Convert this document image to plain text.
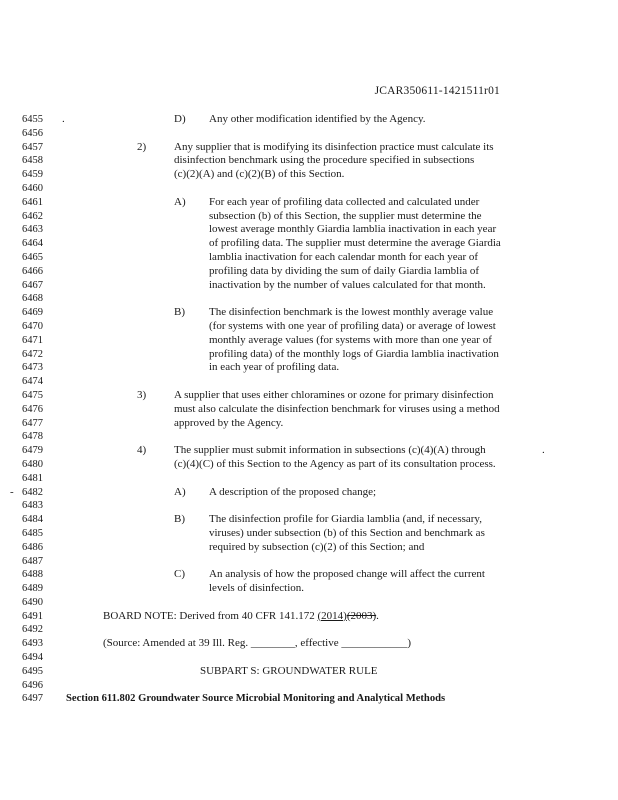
JCAR350611-1421511r01
6455	.	D) Any other modification identified by the Agency.
6456
6457	2)	Any supplier that is modifying its disinfection practice must calculate its
6458	disinfection benchmark using the procedure specified in subsections
6459	(c)(2)(A) and (c)(2)(B) of this Section.
6460
6461	A) For each year of profiling data collected and calculated under
6462	subsection (b) of this Section, the supplier must determine the
6463	lowest average monthly Giardia lamblia inactivation in each year
6464	of profiling data. The supplier must determine the average Giardia
6465	lamblia inactivation for each calendar month for each year of
6466	profiling data by dividing the sum of daily Giardia lamblia of
6467	inactivation by the number of values calculated for that month.
6468
6469	B) The disinfection benchmark is the lowest monthly average value
6470	(for systems with one year of profiling data) or average of lowest
6471	monthly average values (for systems with more than one year of
6472	profiling data) of the monthly logs of Giardia lamblia inactivation
6473	in each year of profiling data.
6474
6475	3)	A supplier that uses either chloramines or ozone for primary disinfection
6476	must also calculate the disinfection benchmark for viruses using a method
6477	approved by the Agency.
6478
6479	4)	The supplier must submit information in subsections (c)(4)(A) through	.
6480	(c)(4)(C) of this Section to the Agency as part of its consultation process.
6481
- 6482	A) A description of the proposed change;
6483
6484	B) The disinfection profile for Giardia lamblia (and, if necessary,
6485	viruses) under subsection (b) of this Section and benchmark as
6486	required by subsection (c)(2) of this Section; and
6487
6488	C) An analysis of how the proposed change will affect the current
6489	levels of disinfection.
6490
6491	BOARD NOTE: Derived from 40 CFR 141.172 (2014)(2003).
6492
6493	(Source: Amended at 39 Ill. Reg. ________, effective ____________)
6494
6495	SUBPART S: GROUNDWATER RULE
6496
6497	Section 611.802 Groundwater Source Microbial Monitoring and Analytical Methods
